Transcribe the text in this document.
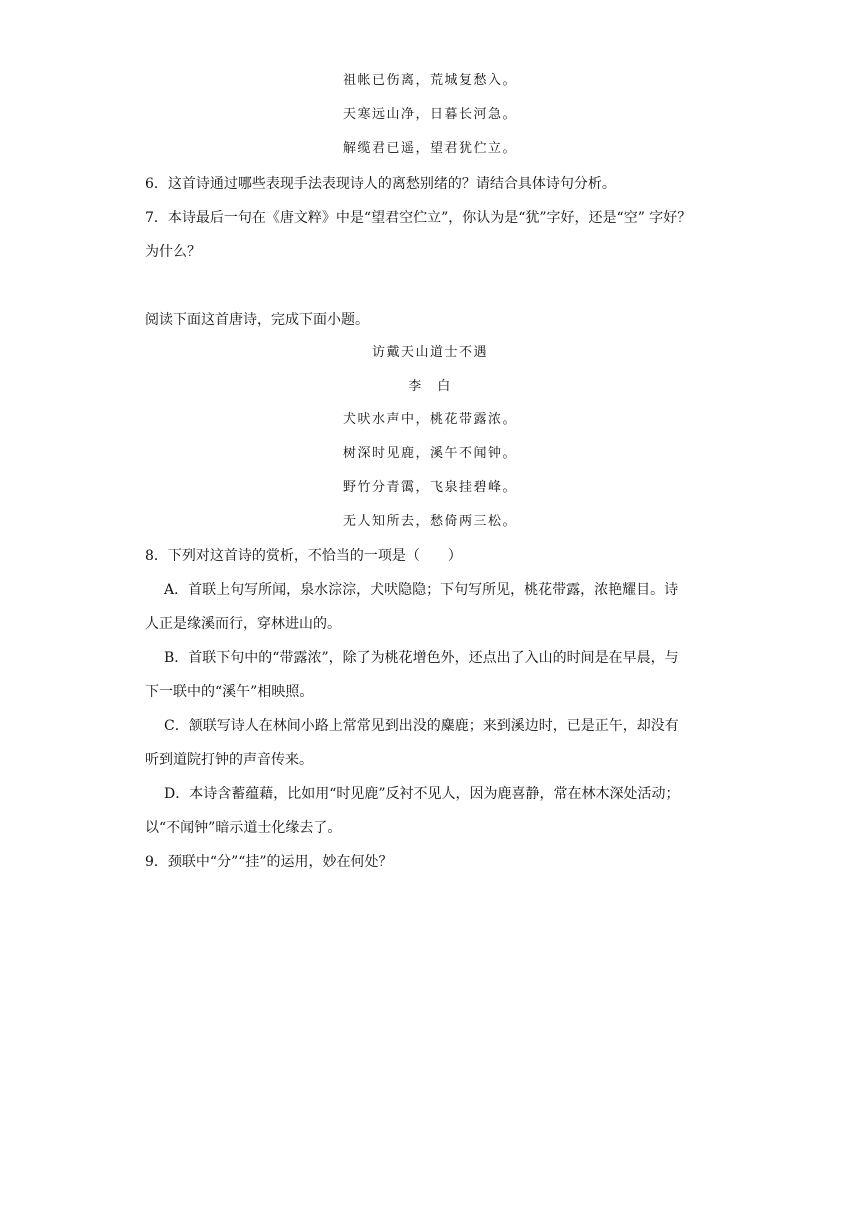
祖帐已伤离，荒城复愁入。
天寒远山净，日暮长河急。
解缆君已遥，望君犹伫立。
6．这首诗通过哪些表现手法表现诗人的离愁别绪的？请结合具体诗句分析。
7．本诗最后一句在《唐文粹》中是“望君空伫立”，你认为是“犹”字好，还是“空” 字好？
为什么？
阅读下面这首唐诗，完成下面小题。
访戴天山道士不遇
李　白
犬吠水声中，桃花带露浓。
树深时见鹿，溪午不闻钟。
野竹分青霭，飞泉挂碧峰。
无人知所去，愁倚两三松。
8．下列对这首诗的赏析，不恰当的一项是（　　）
A．首联上句写所闻，泉水淙淙，犬吠隐隐；下句写所见，桃花带露，浓艳耀目。诗
人正是缘溪而行，穿林进山的。
B．首联下句中的“带露浓”，除了为桃花增色外，还点出了入山的时间是在早晨，与
下一联中的“溪午”相映照。
C．颔联写诗人在林间小路上常常见到出没的麋鹿；来到溪边时，已是正午，却没有
听到道院打钟的声音传来。
D．本诗含蓄蕴藉，比如用“时见鹿”反衬不见人，因为鹿喜静，常在林木深处活动；
以“不闻钟”暗示道士化缘去了。
9．颈联中“分”“挂”的运用，妙在何处？
